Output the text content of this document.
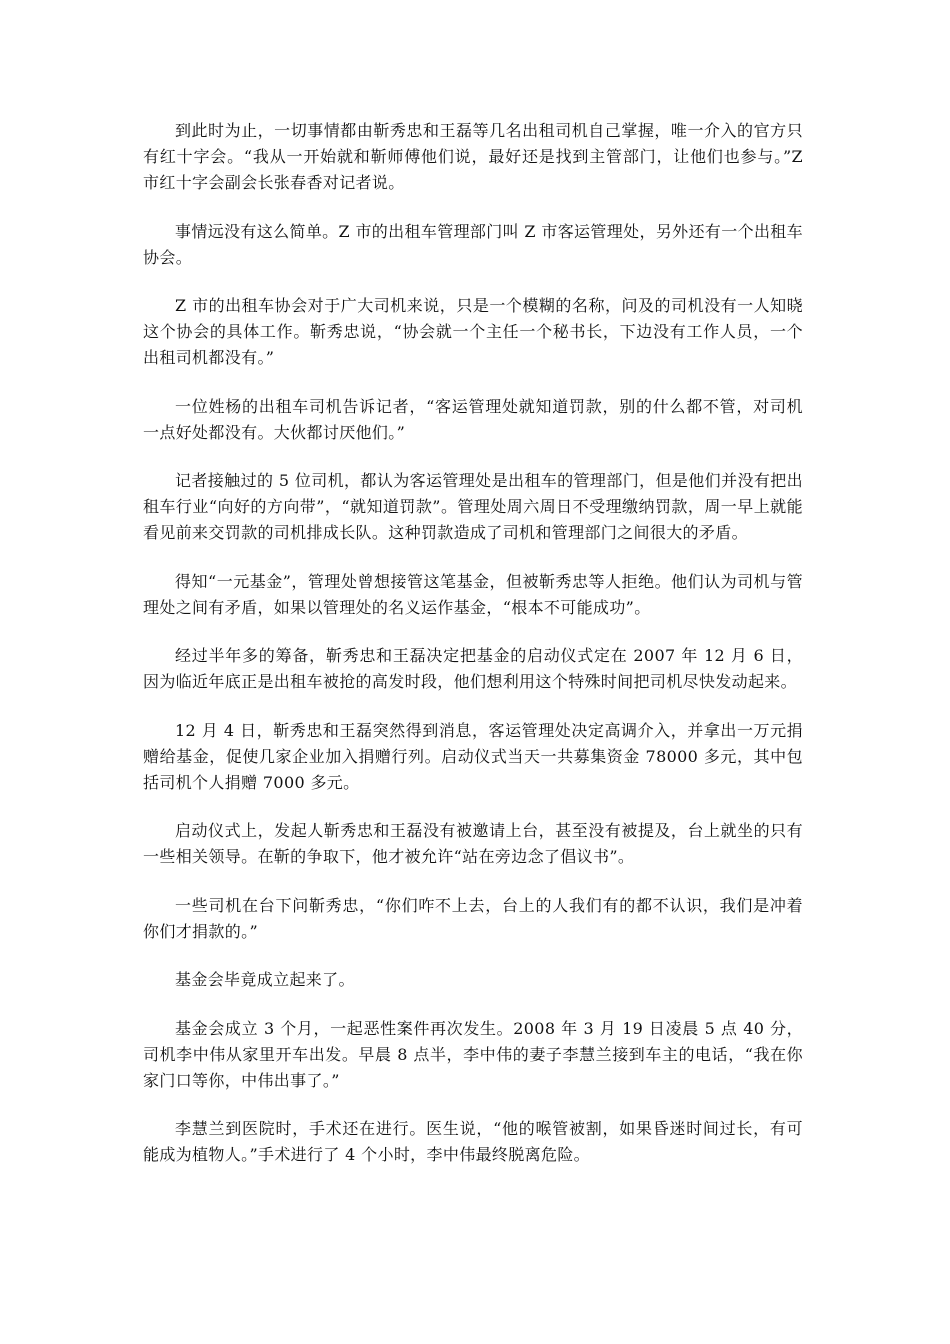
到此时为止，一切事情都由靳秀忠和王磊等几名出租司机自己掌握，唯一介入的官方只有红十字会。“我从一开始就和靳师傅他们说，最好还是找到主管部门，让他们也参与。”Z 市红十字会副会长张春香对记者说。

事情远没有这么简单。Z 市的出租车管理部门叫 Z 市客运管理处，另外还有一个出租车协会。

Z 市的出租车协会对于广大司机来说，只是一个模糊的名称，问及的司机没有一人知晓这个协会的具体工作。靳秀忠说，“协会就一个主任一个秘书长，下边没有工作人员，一个出租司机都没有。”

一位姓杨的出租车司机告诉记者，“客运管理处就知道罚款，别的什么都不管，对司机一点好处都没有。大伙都讨厌他们。”

记者接触过的 5 位司机，都认为客运管理处是出租车的管理部门，但是他们并没有把出租车行业“向好的方向带”，“就知道罚款”。管理处周六周日不受理缴纳罚款，周一早上就能看见前来交罚款的司机排成长队。这种罚款造成了司机和管理部门之间很大的矛盾。

得知“一元基金”，管理处曾想接管这笔基金，但被靳秀忠等人拒绝。他们认为司机与管理处之间有矛盾，如果以管理处的名义运作基金，“根本不可能成功”。

经过半年多的筹备，靳秀忠和王磊决定把基金的启动仪式定在 2007 年 12 月 6 日，因为临近年底正是出租车被抢的高发时段，他们想利用这个特殊时间把司机尽快发动起来。

12 月 4 日，靳秀忠和王磊突然得到消息，客运管理处决定高调介入，并拿出一万元捐赠给基金，促使几家企业加入捐赠行列。启动仪式当天一共募集资金 78000 多元，其中包括司机个人捐赠 7000 多元。

启动仪式上，发起人靳秀忠和王磊没有被邀请上台，甚至没有被提及，台上就坐的只有一些相关领导。在靳的争取下，他才被允许“站在旁边念了倡议书”。

一些司机在台下问靳秀忠，“你们咋不上去，台上的人我们有的都不认识，我们是冲着你们才捐款的。”

基金会毕竟成立起来了。

基金会成立 3 个月，一起恶性案件再次发生。2008 年 3 月 19 日凌晨 5 点 40 分，司机李中伟从家里开车出发。早晨 8 点半，李中伟的妻子李慧兰接到车主的电话，“我在你家门口等你，中伟出事了。”

李慧兰到医院时，手术还在进行。医生说，“他的喉管被割，如果昏迷时间过长，有可能成为植物人。”手术进行了 4 个小时，李中伟最终脱离危险。
